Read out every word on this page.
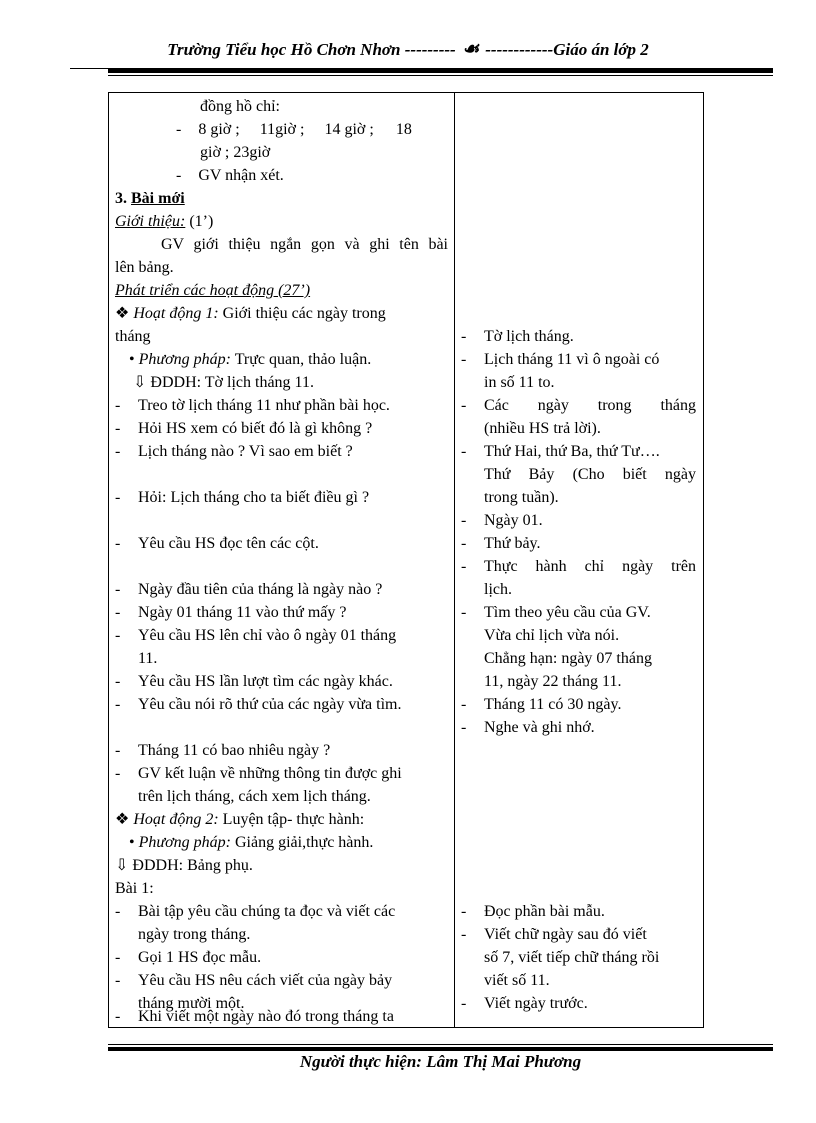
Trường Tiểu học Hồ Chơn Nhơn --------- ☙ ------------Giáo án lớp 2
đồng hồ chỉ:
- 8 giờ ; 11giờ ; 14 giờ ; 18
giờ ; 23giờ
- GV nhận xét.
3. Bài mới
Giới thiệu: (1’)
GV giới thiệu ngắn gọn và ghi tên bài
lên bảng.
Phát triển các hoạt động (27’)
❖ Hoạt động 1: Giới thiệu các ngày trong
tháng
• Phương pháp: Trực quan, thảo luận.
⇩ ĐDDH: Tờ lịch tháng 11.
- Treo tờ lịch tháng 11 như phần bài học.
- Hỏi HS xem có biết đó là gì không ?
- Lịch tháng nào ? Vì sao em biết ?
- Hỏi: Lịch tháng cho ta biết điều gì ?
- Yêu cầu HS đọc tên các cột.
- Ngày đầu tiên của tháng là ngày nào ?
- Ngày 01 tháng 11 vào thứ mấy ?
- Yêu cầu HS lên chỉ vào ô ngày 01 tháng
11.
- Yêu cầu HS lần lượt tìm các ngày khác.
- Yêu cầu nói rõ thứ của các ngày vừa tìm.
- Tháng 11 có bao nhiêu ngày ?
- GV kết luận về những thông tin được ghi
trên lịch tháng, cách xem lịch tháng.
❖ Hoạt động 2: Luyện tập- thực hành:
• Phương pháp: Giảng giải,thực hành.
⇩ ĐDDH: Bảng phụ.
Bài 1:
- Bài tập yêu cầu chúng ta đọc và viết các
ngày trong tháng.
- Gọi 1 HS đọc mẫu.
- Yêu cầu HS nêu cách viết của ngày bảy
tháng mười một.
- Khi viết một ngày nào đó trong tháng ta
- Tờ lịch tháng.
- Lịch tháng 11 vì ô ngoài có
in số 11 to.
- Các ngày trong tháng
(nhiều HS trả lời).
- Thứ Hai, thứ Ba, thứ Tư….
Thứ Bảy (Cho biết ngày
trong tuần).
- Ngày 01.
- Thứ bảy.
- Thực hành chỉ ngày trên
lịch.
- Tìm theo yêu cầu của GV.
Vừa chỉ lịch vừa nói.
Chẳng hạn: ngày 07 tháng
11, ngày 22 tháng 11.
- Tháng 11 có 30 ngày.
- Nghe và ghi nhớ.
- Đọc phần bài mẫu.
- Viết chữ ngày sau đó viết
số 7, viết tiếp chữ tháng rồi
viết số 11.
- Viết ngày trước.
Người thực hiện: Lâm Thị Mai Phương
